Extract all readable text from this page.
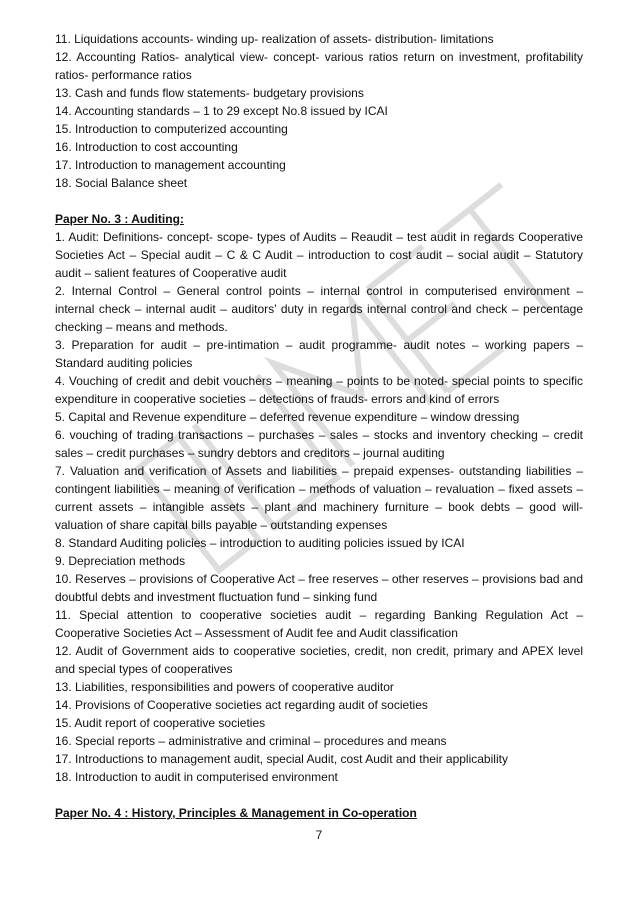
11. Liquidations accounts- winding up- realization of assets- distribution- limitations

12. Accounting Ratios- analytical view- concept- various ratios return on investment, profitability ratios- performance ratios

13. Cash and funds flow statements- budgetary provisions

14. Accounting standards – 1 to 29 except No.8 issued by ICAI

15. Introduction to computerized accounting

16. Introduction to cost accounting

17. Introduction to management accounting

18. Social Balance sheet

Paper No. 3 : Auditing:

1. Audit: Definitions- concept- scope- types of Audits – Reaudit – test audit in regards Cooperative Societies Act – Special audit – C & C Audit – introduction to cost audit – social audit – Statutory audit – salient features of Cooperative audit

2. Internal Control – General control points – internal control in computerised environment – internal check – internal audit – auditors’ duty in regards internal control and check – percentage checking – means and methods.

3. Preparation for audit – pre-intimation – audit programme- audit notes – working papers – Standard auditing policies

4. Vouching of credit and debit vouchers – meaning – points to be noted- special points to specific expenditure in cooperative societies – detections of frauds- errors and kind of errors

5. Capital and Revenue expenditure – deferred revenue expenditure – window dressing

6. vouching of trading transactions – purchases – sales – stocks and inventory checking – credit sales – credit purchases – sundry debtors and creditors – journal auditing

7. Valuation and verification of Assets and liabilities – prepaid expenses- outstanding liabilities – contingent liabilities – meaning of verification – methods of valuation – revaluation – fixed assets – current assets – intangible assets – plant and machinery furniture – book debts – good will- valuation of share capital bills payable – outstanding expenses

8. Standard Auditing policies – introduction to auditing policies issued by ICAI

9. Depreciation methods

10. Reserves – provisions of Cooperative Act – free reserves – other reserves – provisions bad and doubtful debts and investment fluctuation fund – sinking fund

11. Special attention to cooperative societies audit – regarding Banking Regulation Act – Cooperative Societies Act – Assessment of Audit fee and Audit classification

12. Audit of Government aids to cooperative societies, credit, non credit, primary and APEX level and special types of cooperatives

13. Liabilities, responsibilities and powers of cooperative auditor

14. Provisions of Cooperative societies act regarding audit of societies

15. Audit report of cooperative societies

16. Special reports – administrative and criminal – procedures and means

17. Introductions to management audit, special Audit, cost Audit and their applicability

18. Introduction to audit in computerised environment

Paper No. 4 : History, Principles & Management in Co-operation

7
